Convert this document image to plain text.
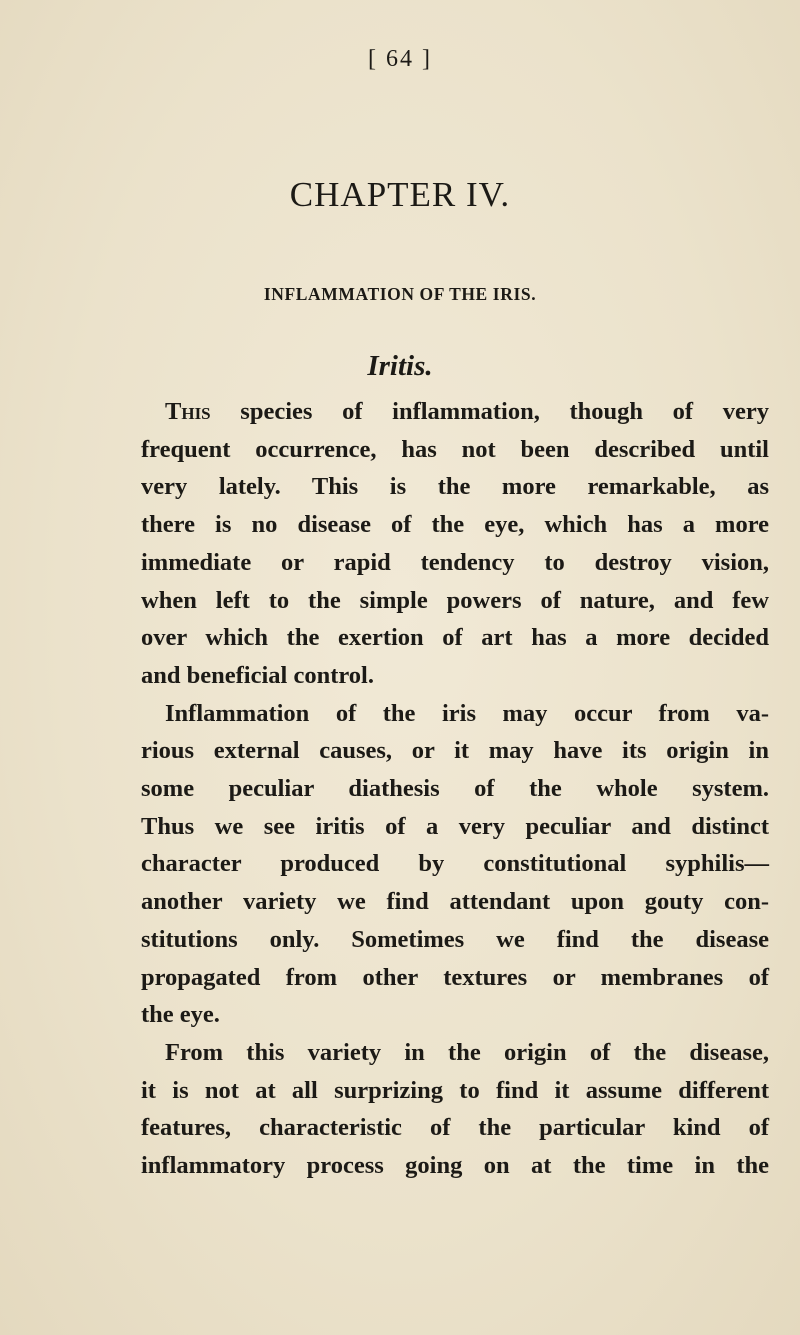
[ 64 ]
CHAPTER IV.
INFLAMMATION OF THE IRIS.
Iritis.
This species of inflammation, though of very
frequent occurrence, has not been described until
very lately. This is the more remarkable, as
there is no disease of the eye, which has a more
immediate or rapid tendency to destroy vision,
when left to the simple powers of nature, and few
over which the exertion of art has a more decided
and beneficial control.
Inflammation of the iris may occur from va-
rious external causes, or it may have its origin in
some peculiar diathesis of the whole system.
Thus we see iritis of a very peculiar and distinct
character produced by constitutional syphilis—
another variety we find attendant upon gouty con-
stitutions only. Sometimes we find the disease
propagated from other textures or membranes of
the eye.
From this variety in the origin of the disease,
it is not at all surprizing to find it assume different
features, characteristic of the particular kind of
inflammatory process going on at the time in the
